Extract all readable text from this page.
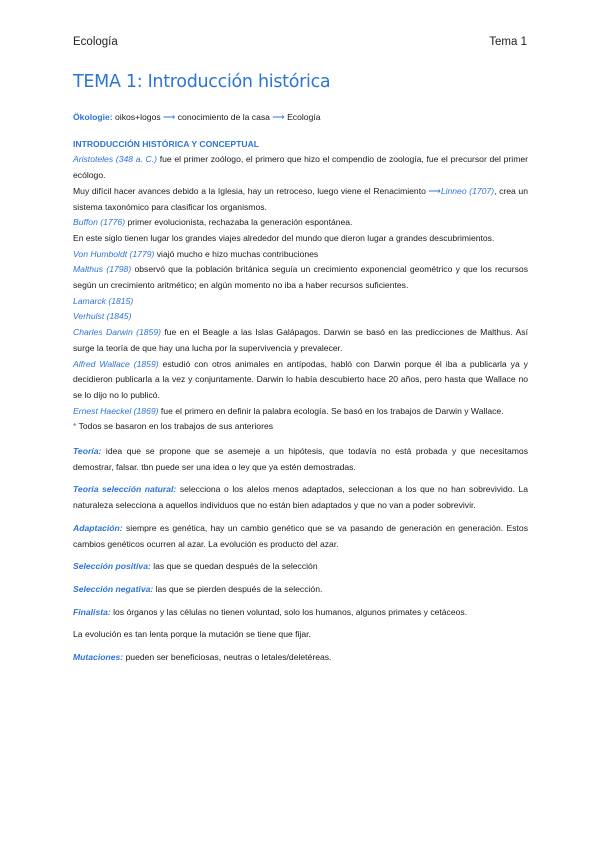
Ecología	Tema 1
TEMA 1: Introducción histórica

Ökologie: oikos+logos ⟶ conocimiento de la casa ⟶ Ecología

INTRODUCCIÓN HISTÓRICA Y CONCEPTUAL

Aristoteles (348 a. C.) fue el primer zoólogo, el primero que hizo el compendio de zoología, fue el precursor del primer ecólogo.

Muy difícil hacer avances debido a la Iglesia, hay un retroceso, luego viene el Renacimiento ⟶Linneo (1707), crea un sistema taxonómico para clasificar los organismos.

Buffon (1776) primer evolucionista, rechazaba la generación espontánea.

En este siglo tienen lugar los grandes viajes alrededor del mundo que dieron lugar a grandes descubrimientos.

Von Humboldt (1779) viajó mucho e hizo muchas contribuciones

Malthus (1798) observó que la población británica seguía un crecimiento exponencial geométrico y que los recursos según un crecimiento aritmético; en algún momento no iba a haber recursos suficientes.

Lamarck (1815)

Verhulst (1845)

Charles Darwin (1859) fue en el Beagle a las Islas Galápagos. Darwin se basó en las predicciones de Malthus. Así surge la teoría de que hay una lucha por la supervivencia y prevalecer.

Alfred Wallace (1859) estudió con otros animales en antípodas, habló con Darwin porque él iba a publicarla ya y decidieron publicarla a la vez y conjuntamente. Darwin lo había descubierto hace 20 años, pero hasta que Wallace no se lo dijo no lo publicó.

Ernest Haeckel (1869) fue el primero en definir la palabra ecología. Se basó en los trabajos de Darwin y Wallace.

* Todos se basaron en los trabajos de sus anteriores

Teoría: idea que se propone que se asemeje a un hipótesis, que todavía no está probada y que necesitamos demostrar, falsar. tbn puede ser una idea o ley que ya estén demostradas.

Teoría selección natural: selecciona o los alelos menos adaptados, seleccionan a los que no han sobrevivido. La naturaleza selecciona a aquellos individuos que no están bien adaptados y que no van a poder sobrevivir.

Adaptación: siempre es genética, hay un cambio genético que se va pasando de generación en generación. Estos cambios genéticos ocurren al azar. La evolución es producto del azar.

Selección positiva: las que se quedan después de la selección

Selección negativa: las que se pierden después de la selección.

Finalista: los órganos y las células no tienen voluntad, solo los humanos, algunos primates y cetáceos.

La evolución es tan lenta porque la mutación se tiene que fijar.

Mutaciones: pueden ser beneficiosas, neutras o letales/deletéreas.
